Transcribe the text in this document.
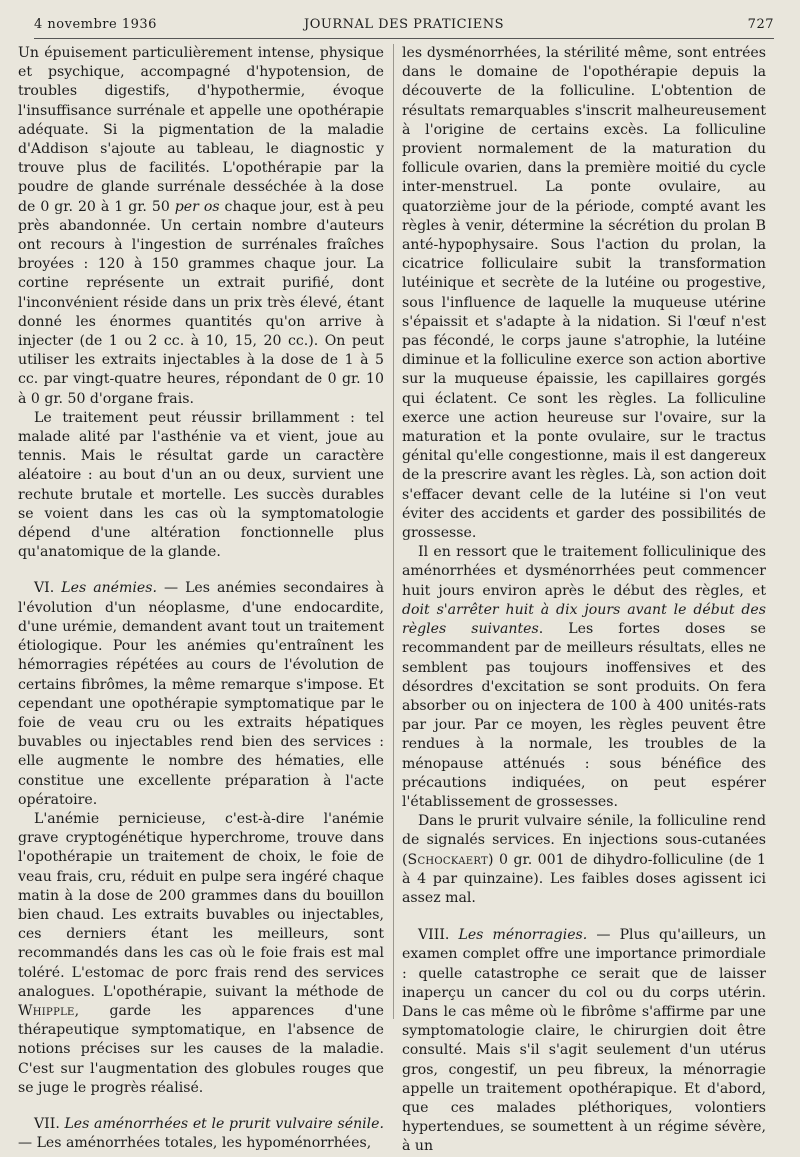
4 novembre 1936	JOURNAL DES PRATICIENS	727

Un épuisement particulièrement intense, physique et psychique, accompagné d'hypotension, de troubles digestifs, d'hypothermie, évoque l'insuffisance surrénale et appelle une opothérapie adéquate. Si la pigmentation de la maladie d'Addison s'ajoute au tableau, le diagnostic y trouve plus de facilités. L'opothérapie par la poudre de glande surrénale desséchée à la dose de 0 gr. 20 à 1 gr. 50 per os chaque jour, est à peu près abandonnée. Un certain nombre d'auteurs ont recours à l'ingestion de surrénales fraîches broyées : 120 à 150 grammes chaque jour. La cortine représente un extrait purifié, dont l'inconvénient réside dans un prix très élevé, étant donné les énormes quantités qu'on arrive à injecter (de 1 ou 2 cc. à 10, 15, 20 cc.). On peut utiliser les extraits injectables à la dose de 1 à 5 cc. par vingt-quatre heures, répondant de 0 gr. 10 à 0 gr. 50 d'organe frais.

Le traitement peut réussir brillamment : tel malade alité par l'asthénie va et vient, joue au tennis. Mais le résultat garde un caractère aléatoire : au bout d'un an ou deux, survient une rechute brutale et mortelle. Les succès durables se voient dans les cas où la symptomatologie dépend d'une altération fonctionnelle plus qu'anatomique de la glande.

VI. Les anémies. — Les anémies secondaires à l'évolution d'un néoplasme, d'une endocardite, d'une urémie, demandent avant tout un traitement étiologique. Pour les anémies qu'entraînent les hémorragies répétées au cours de l'évolution de certains fibrômes, la même remarque s'impose. Et cependant une opothérapie symptomatique par le foie de veau cru ou les extraits hépatiques buvables ou injectables rend bien des services : elle augmente le nombre des hématies, elle constitue une excellente préparation à l'acte opératoire.

L'anémie pernicieuse, c'est-à-dire l'anémie grave cryptogénétique hyperchrome, trouve dans l'opothérapie un traitement de choix, le foie de veau frais, cru, réduit en pulpe sera ingéré chaque matin à la dose de 200 grammes dans du bouillon bien chaud. Les extraits buvables ou injectables, ces derniers étant les meilleurs, sont recommandés dans les cas où le foie frais est mal toléré. L'estomac de porc frais rend des services analogues. L'opothérapie, suivant la méthode de Whipple, garde les apparences d'une thérapeutique symptomatique, en l'absence de notions précises sur les causes de la maladie. C'est sur l'augmentation des globules rouges que se juge le progrès réalisé.

VII. Les aménorrhées et le prurit vulvaire sénile. — Les aménorrhées totales, les hypoménorrhées,

les dysménorrhées, la stérilité même, sont entrées dans le domaine de l'opothérapie depuis la découverte de la folliculine. L'obtention de résultats remarquables s'inscrit malheureusement à l'origine de certains excès. La folliculine provient normalement de la maturation du follicule ovarien, dans la première moitié du cycle inter-menstruel. La ponte ovulaire, au quatorzième jour de la période, compté avant les règles à venir, détermine la sécrétion du prolan B anté-hypophysaire. Sous l'action du prolan, la cicatrice folliculaire subit la transformation lutéinique et secrète de la lutéine ou progestive, sous l'influence de laquelle la muqueuse utérine s'épaissit et s'adapte à la nidation. Si l'œuf n'est pas fécondé, le corps jaune s'atrophie, la lutéine diminue et la folliculine exerce son action abortive sur la muqueuse épaissie, les capillaires gorgés qui éclatent. Ce sont les règles. La folliculine exerce une action heureuse sur l'ovaire, sur la maturation et la ponte ovulaire, sur le tractus génital qu'elle congestionne, mais il est dangereux de la prescrire avant les règles. Là, son action doit s'effacer devant celle de la lutéine si l'on veut éviter des accidents et garder des possibilités de grossesse.

Il en ressort que le traitement folliculinique des aménorrhées et dysménorrhées peut commencer huit jours environ après le début des règles, et doit s'arrêter huit à dix jours avant le début des règles suivantes. Les fortes doses se recommandent par de meilleurs résultats, elles ne semblent pas toujours inoffensives et des désordres d'excitation se sont produits. On fera absorber ou on injectera de 100 à 400 unités-rats par jour. Par ce moyen, les règles peuvent être rendues à la normale, les troubles de la ménopause atténués : sous bénéfice des précautions indiquées, on peut espérer l'établissement de grossesses.

Dans le prurit vulvaire sénile, la folliculine rend de signalés services. En injections sous-cutanées (Schockaert) 0 gr. 001 de dihydro-folliculine (de 1 à 4 par quinzaine). Les faibles doses agissent ici assez mal.

VIII. Les ménorragies. — Plus qu'ailleurs, un examen complet offre une importance primordiale : quelle catastrophe ce serait que de laisser inaperçu un cancer du col ou du corps utérin. Dans le cas même où le fibrôme s'affirme par une symptomatologie claire, le chirurgien doit être consulté. Mais s'il s'agit seulement d'un utérus gros, congestif, un peu fibreux, la ménorragie appelle un traitement opothérapique. Et d'abord, que ces malades pléthoriques, volontiers hypertendues, se soumettent à un régime sévère, à un
